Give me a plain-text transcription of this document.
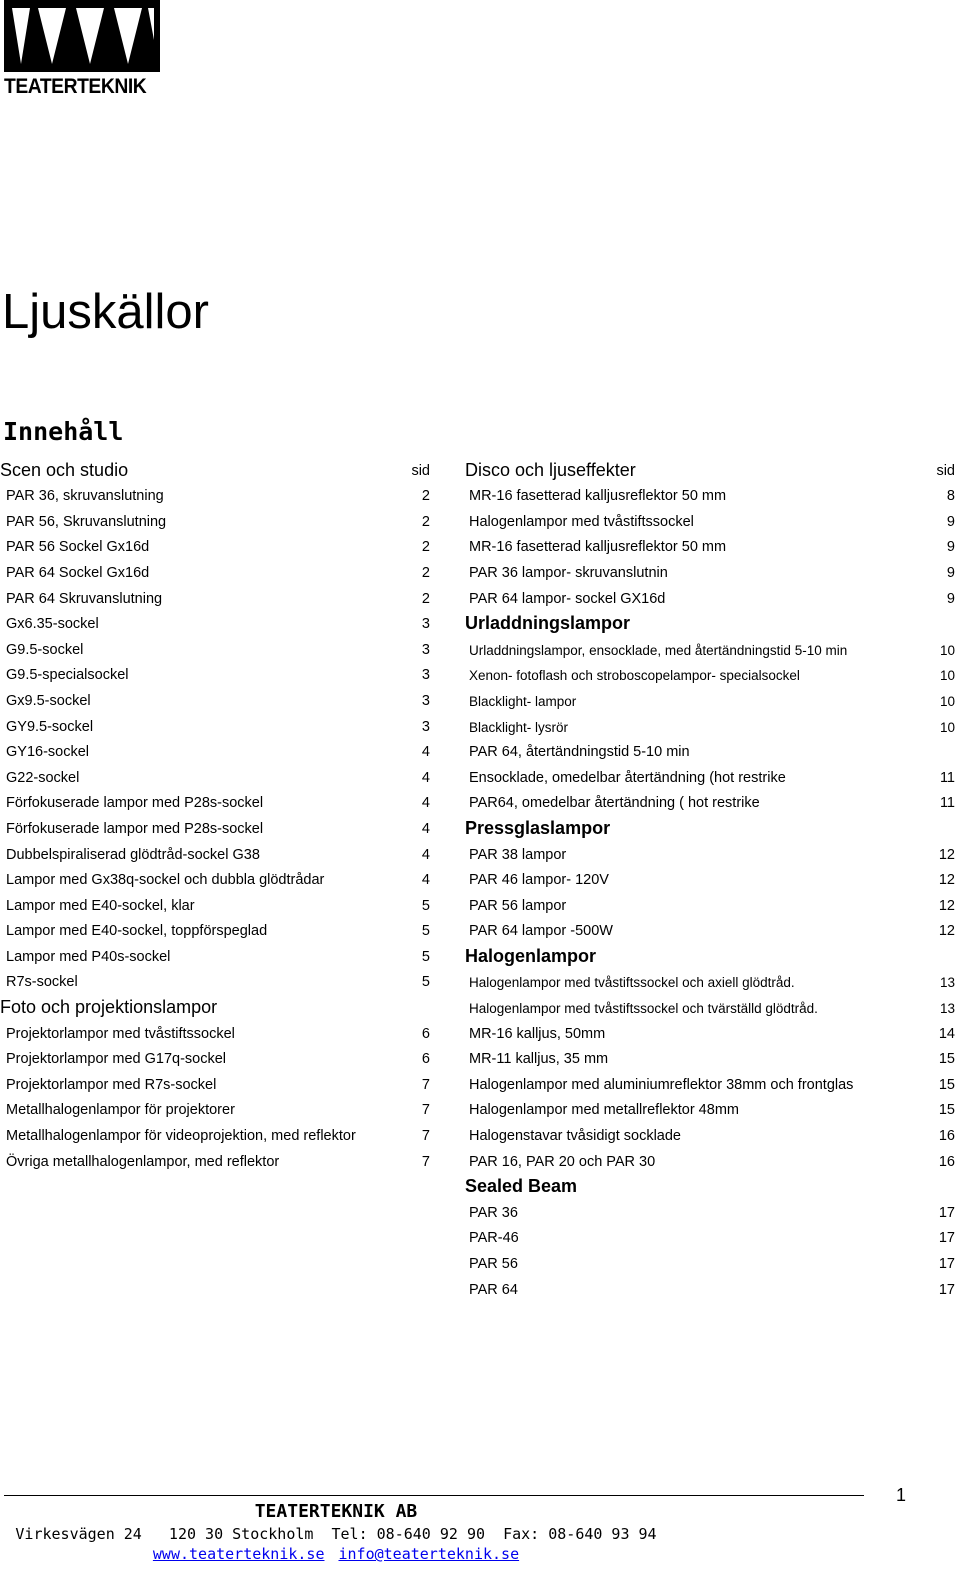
TEATERTEKNIK
Ljuskällor
Innehåll
Scen och studio	sid
PAR 36, skruvanslutning	2
PAR 56, Skruvanslutning	2
PAR 56 Sockel Gx16d	2
PAR 64 Sockel Gx16d	2
PAR 64 Skruvanslutning	2
Gx6.35-sockel	3
G9.5-sockel	3
G9.5-specialsockel	3
Gx9.5-sockel	3
GY9.5-sockel	3
GY16-sockel	4
G22-sockel	4
Förfokuserade lampor med P28s-sockel	4
Förfokuserade lampor med P28s-sockel	4
Dubbelspiraliserad glödtråd-sockel G38	4
Lampor med Gx38q-sockel och dubbla glödtrådar	4
Lampor med E40-sockel, klar	5
Lampor med E40-sockel, toppförspeglad	5
Lampor med P40s-sockel	5
R7s-sockel	5
Foto och projektionslampor
Projektorlampor med tvåstiftssockel	6
Projektorlampor med G17q-sockel	6
Projektorlampor med R7s-sockel	7
Metallhalogenlampor för projektorer	7
Metallhalogenlampor för videoprojektion, med reflektor	7
Övriga metallhalogenlampor, med reflektor	7
Disco och ljuseffekter	sid
MR-16 fasetterad kalljusreflektor 50 mm	8
Halogenlampor med tvåstiftssockel	9
MR-16 fasetterad kalljusreflektor 50 mm	9
PAR 36 lampor- skruvanslutnin	9
PAR 64 lampor- sockel GX16d	9
Urladdningslampor
Urladdningslampor, ensocklade, med återtändningstid 5-10 min	10
Xenon- fotoflash och stroboscopelampor- specialsockel	10
Blacklight- lampor	10
Blacklight- lysrör	10
PAR 64, återtändningstid 5-10 min
Ensocklade, omedelbar återtändning (hot restrike	11
PAR64, omedelbar återtändning ( hot restrike	11
Pressglaslampor
PAR 38 lampor	12
PAR 46 lampor- 120V	12
PAR 56 lampor	12
PAR 64 lampor -500W	12
Halogenlampor
Halogenlampor med tvåstiftssockel och axiell glödtråd.	13
Halogenlampor med tvåstiftssockel och tvärställd glödtråd.	13
MR-16 kalljus, 50mm	14
MR-11 kalljus, 35 mm	15
Halogenlampor med aluminiumreflektor 38mm och frontglas	15
Halogenlampor med metallreflektor 48mm	15
Halogenstavar tvåsidigt socklade	16
PAR 16, PAR 20 och PAR 30	16
Sealed Beam
PAR 36	17
PAR-46	17
PAR 56	17
PAR 64	17
1
TEATERTEKNIK AB
Virkesvägen 24   120 30 Stockholm  Tel: 08-640 92 90  Fax: 08-640 93 94
www.teaterteknik.se info@teaterteknik.se
